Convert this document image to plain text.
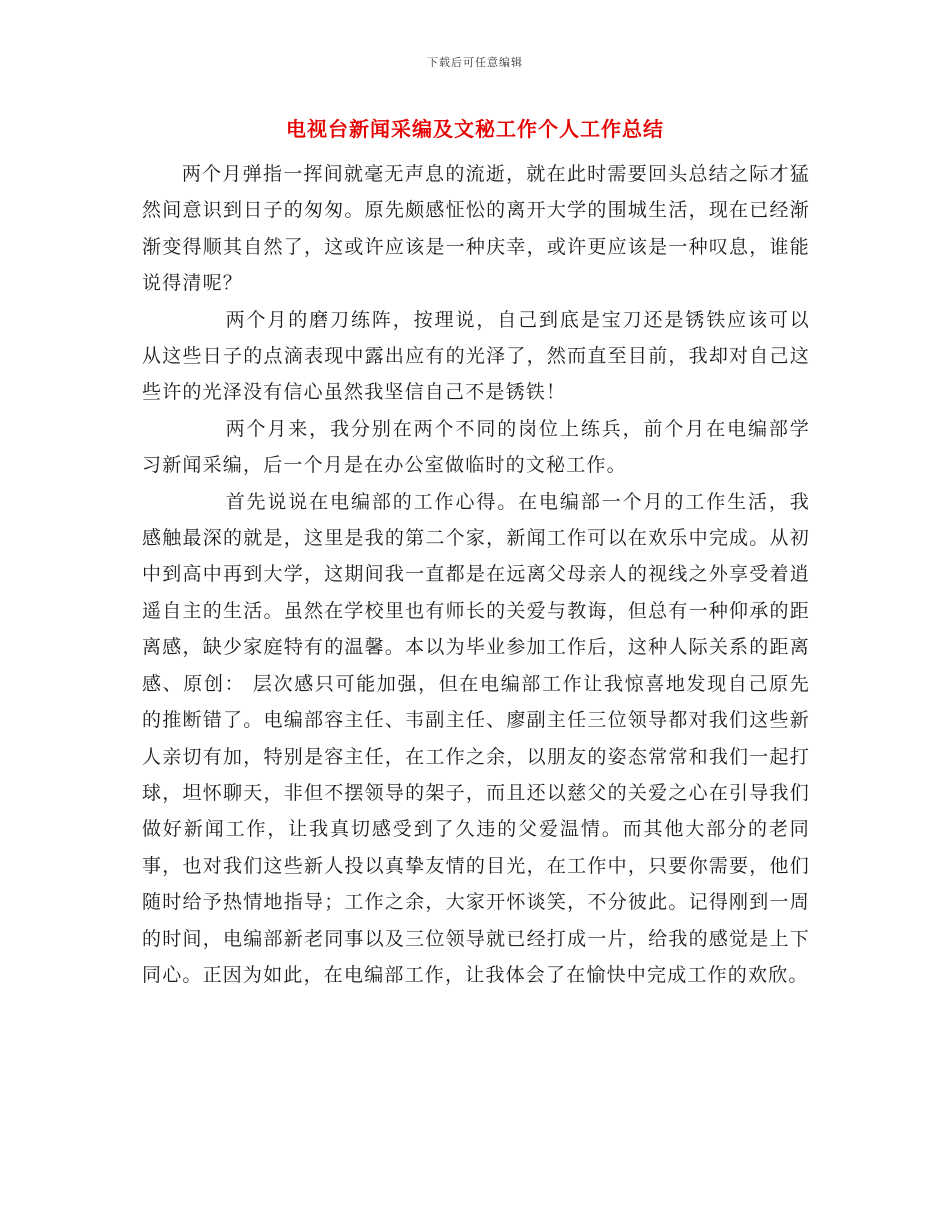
下载后可任意编辑
电视台新闻采编及文秘工作个人工作总结

两个月弹指一挥间就毫无声息的流逝，就在此时需要回头总结之际才猛然间意识到日子的匆匆。原先颇感怔忪的离开大学的围城生活，现在已经渐渐变得顺其自然了，这或许应该是一种庆幸，或许更应该是一种叹息，谁能说得清呢？

两个月的磨刀练阵，按理说，自己到底是宝刀还是锈铁应该可以从这些日子的点滴表现中露出应有的光泽了，然而直至目前，我却对自己这些许的光泽没有信心虽然我坚信自己不是锈铁！

两个月来，我分别在两个不同的岗位上练兵，前个月在电编部学习新闻采编，后一个月是在办公室做临时的文秘工作。

首先说说在电编部的工作心得。在电编部一个月的工作生活，我感触最深的就是，这里是我的第二个家，新闻工作可以在欢乐中完成。从初中到高中再到大学，这期间我一直都是在远离父母亲人的视线之外享受着逍遥自主的生活。虽然在学校里也有师长的关爱与教诲，但总有一种仰承的距离感，缺少家庭特有的温馨。本以为毕业参加工作后，这种人际关系的距离感、原创： 层次感只可能加强，但在电编部工作让我惊喜地发现自己原先的推断错了。电编部容主任、韦副主任、廖副主任三位领导都对我们这些新人亲切有加，特别是容主任，在工作之余，以朋友的姿态常常和我们一起打球，坦怀聊天，非但不摆领导的架子，而且还以慈父的关爱之心在引导我们做好新闻工作，让我真切感受到了久违的父爱温情。而其他大部分的老同事，也对我们这些新人投以真挚友情的目光，在工作中，只要你需要，他们随时给予热情地指导；工作之余，大家开怀谈笑，不分彼此。记得刚到一周的时间，电编部新老同事以及三位领导就已经打成一片，给我的感觉是上下同心。正因为如此，在电编部工作，让我体会了在愉快中完成工作的欢欣。
